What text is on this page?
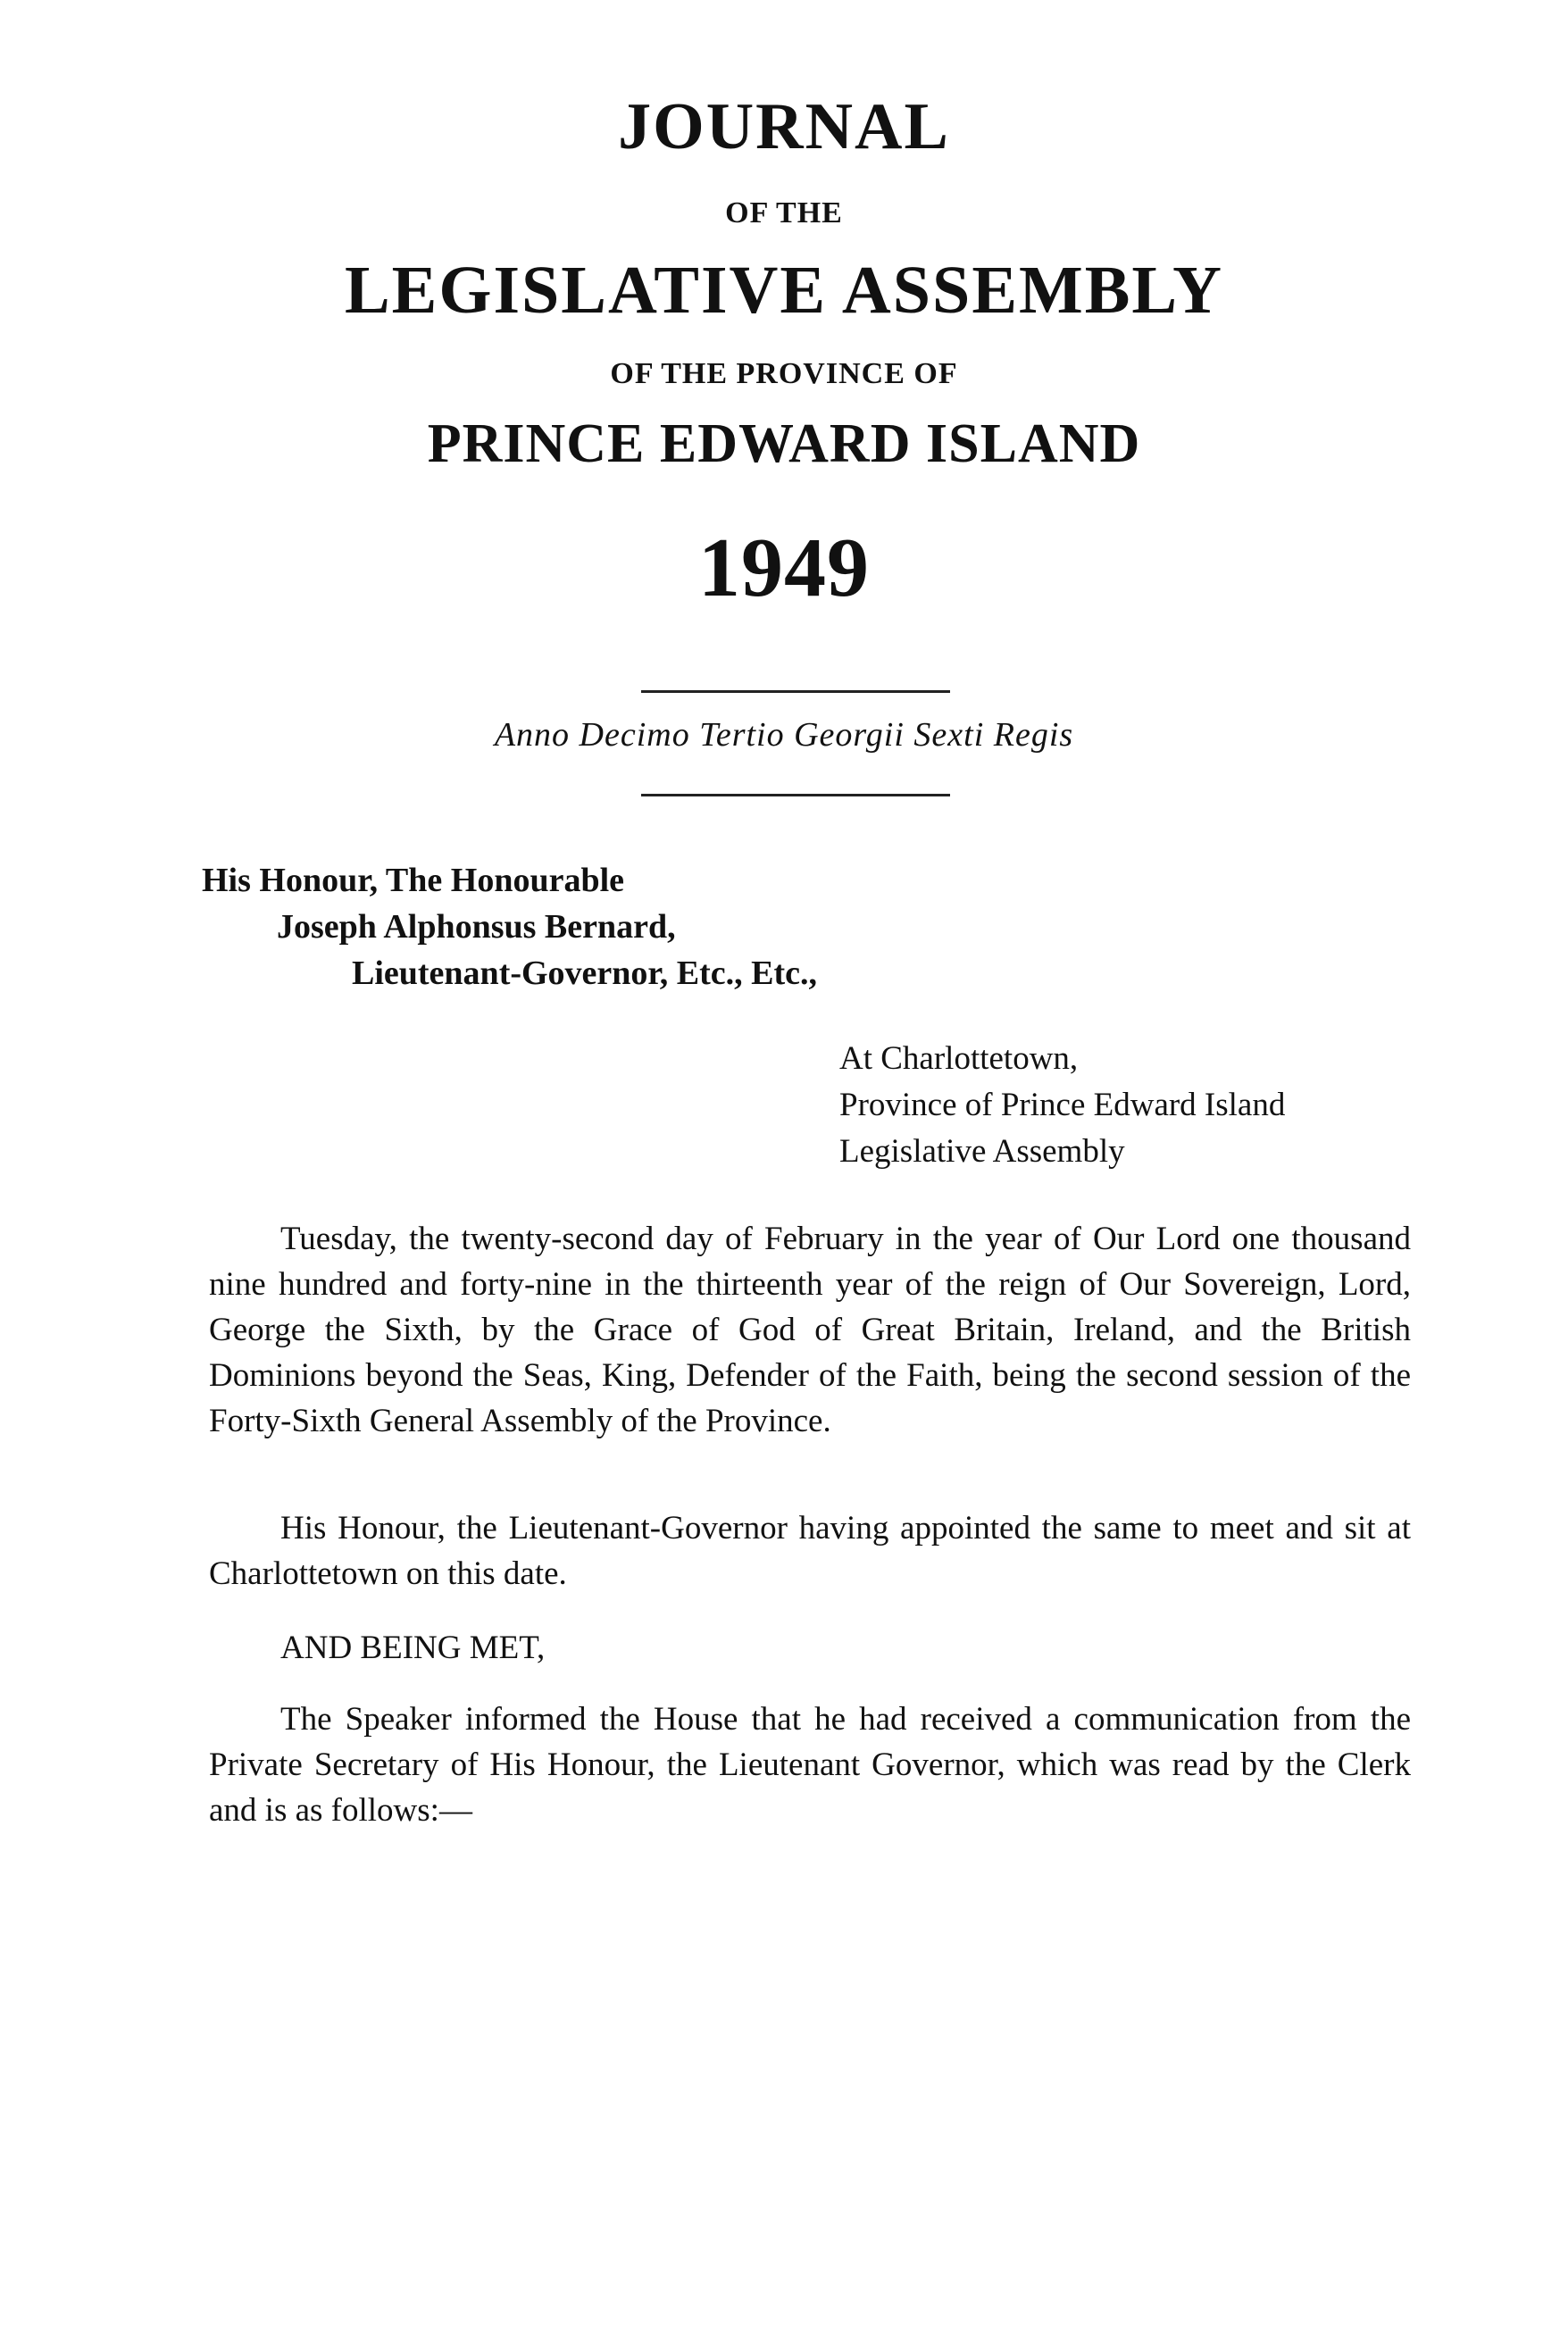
JOURNAL
OF THE
LEGISLATIVE ASSEMBLY
OF THE PROVINCE OF
PRINCE EDWARD ISLAND
1949
Anno Decimo Tertio Georgii Sexti Regis
His Honour, The Honourable
Joseph Alphonsus Bernard,
Lieutenant-Governor, Etc., Etc.,
At Charlottetown,
Province of Prince Edward Island
Legislative Assembly

Tuesday, the twenty-second day of February in the year of Our Lord one thousand nine hundred and forty-nine in the thirteenth year of the reign of Our Sovereign, Lord, George the Sixth, by the Grace of God of Great Britain, Ireland, and the British Dominions beyond the Seas, King, Defender of the Faith, being the second session of the Forty-Sixth General Assembly of the Province.

His Honour, the Lieutenant-Governor having appointed the same to meet and sit at Charlottetown on this date.

AND BEING MET,

The Speaker informed the House that he had received a communication from the Private Secretary of His Honour, the Lieutenant Governor, which was read by the Clerk and is as follows:—
